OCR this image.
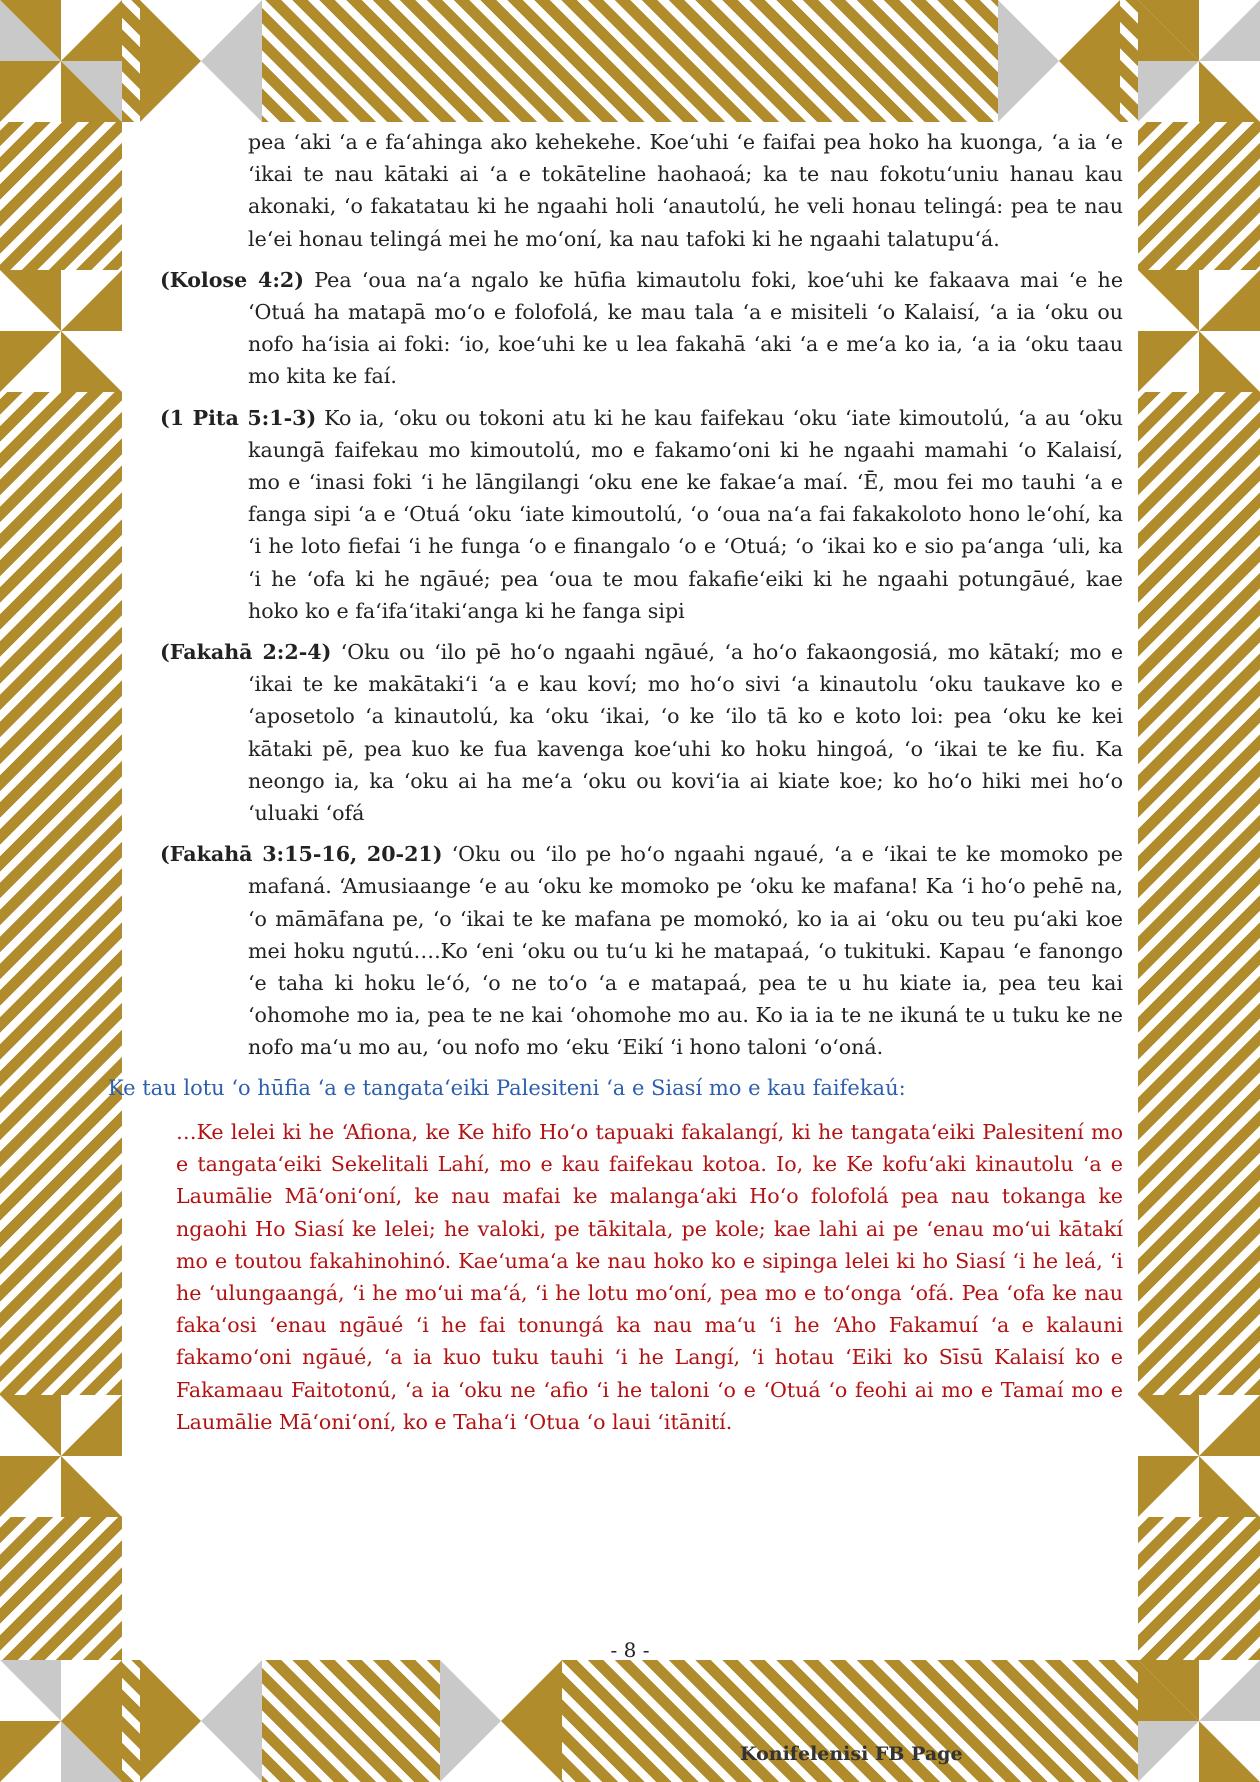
pea ʻaki ʻa e faʻahinga ako kehekehe. Koeʻuhi ʻe faifai pea hoko ha kuonga, ʻa ia ʻe ʻikai te nau kātaki ai ʻa e tokāteline haohaoá; ka te nau fokotuʻuniu hanau kau akonaki, ʻo fakatatau ki he ngaahi holi ʻanautolú, he veli honau telingá: pea te nau leʻei honau telingá mei he moʻoní, ka nau tafoki ki he ngaahi talatupuʻá.

(Kolose 4:2) Pea ʻoua naʻa ngalo ke hūfia kimautolu foki, koeʻuhi ke fakaava mai ʻe he ʻOtuá ha matapā moʻo e folofolá, ke mau tala ʻa e misiteli ʻo Kalaisí, ʻa ia ʻoku ou nofo haʻisia ai foki: ʻio, koeʻuhi ke u lea fakahā ʻaki ʻa e meʻa ko ia, ʻa ia ʻoku taau mo kita ke faí.

(1 Pita 5:1-3) Ko ia, ʻoku ou tokoni atu ki he kau faifekau ʻoku ʻiate kimoutolú, ʻa au ʻoku kaungā faifekau mo kimoutolú, mo e fakamoʻoni ki he ngaahi mamahi ʻo Kalaisí, mo e ʻinasi foki ʻi he lāngilangi ʻoku ene ke fakaeʻa maí. ʻĒ, mou fei mo tauhi ʻa e fanga sipi ʻa e ʻOtuá ʻoku ʻiate kimoutolú, ʻo ʻoua naʻa fai fakakoloto hono leʻohí, ka ʻi he loto fiefai ʻi he funga ʻo e finangalo ʻo e ʻOtuá; ʻo ʻikai ko e sio paʻanga ʻuli, ka ʻi he ʻofa ki he ngāué; pea ʻoua te mou fakafieʻeiki ki he ngaahi potungāué, kae hoko ko e faʻifaʻitakiʻanga ki he fanga sipi

(Fakahā 2:2-4) ʻOku ou ʻilo pē hoʻo ngaahi ngāué, ʻa hoʻo fakaongosiá, mo kātakí; mo e ʻikai te ke makātakiʻi ʻa e kau koví; mo hoʻo sivi ʻa kinautolu ʻoku taukave ko e ʻaposetolo ʻa kinautolú, ka ʻoku ʻikai, ʻo ke ʻilo tā ko e koto loi: pea ʻoku ke kei kātaki pē, pea kuo ke fua kavenga koeʻuhi ko hoku hingoá, ʻo ʻikai te ke fiu. Ka neongo ia, ka ʻoku ai ha meʻa ʻoku ou koviʻia ai kiate koe; ko hoʻo hiki mei hoʻo ʻuluaki ʻofá

(Fakahā 3:15-16, 20-21) ʻOku ou ʻilo pe hoʻo ngaahi ngaué, ʻa e ʻikai te ke momoko pe mafaná. ʻAmusiaange ʻe au ʻoku ke momoko pe ʻoku ke mafana! Ka ʻi hoʻo pehē na, ʻo māmāfana pe, ʻo ʻikai te ke mafana pe momokó, ko ia ai ʻoku ou teu puʻaki koe mei hoku ngutú….Ko ʻeni ʻoku ou tuʻu ki he matapaá, ʻo tukituki. Kapau ʻe fanongo ʻe taha ki hoku leʻó, ʻo ne toʻo ʻa e matapaá, pea te u hu kiate ia, pea teu kai ʻohomohe mo ia, pea te ne kai ʻohomohe mo au. Ko ia ia te ne ikuná te u tuku ke ne nofo maʻu mo au, ʻou nofo mo ʻeku ʻEikí ʻi hono taloni ʻoʻoná.

Ke tau lotu ʻo hūfia ʻa e tangataʻeiki Palesiteni ʻa e Siasí mo e kau faifekaú:

…Ke lelei ki he ʻAfiona, ke Ke hifo Hoʻo tapuaki fakalangí, ki he tangataʻeiki Palesitení mo e tangataʻeiki Sekelitali Lahí, mo e kau faifekau kotoa. Io, ke Ke kofuʻaki kinautolu ʻa e Laumālie Māʻoniʻoní, ke nau mafai ke malangaʻaki Hoʻo folofolá pea nau tokanga ke ngaohi Ho Siasí ke lelei; he valoki, pe tākitala, pe kole; kae lahi ai pe ʻenau moʻui kātakí mo e toutou fakahinohinó. Kaeʻumaʻa ke nau hoko ko e sipinga lelei ki ho Siasí ʻi he leá, ʻi he ʻulungaangá, ʻi he moʻui maʻá, ʻi he lotu moʻoní, pea mo e toʻonga ʻofá. Pea ʻofa ke nau fakaʻosi ʻenau ngāué ʻi he fai tonungá ka nau maʻu ʻi he ʻAho Fakamuí ʻa e kalauni fakamoʻoni ngāué, ʻa ia kuo tuku tauhi ʻi he Langí, ʻi hotau ʻEiki ko Sīsū Kalaisí ko e Fakamaau Faitotonú, ʻa ia ʻoku ne ʻafio ʻi he taloni ʻo e ʻOtuá ʻo feohi ai mo e Tamaí mo e Laumālie Māʻoniʻoní, ko e Tahaʻi ʻOtua ʻo laui ʻitānití.

- 8 -
Konifelenisi FB Page
